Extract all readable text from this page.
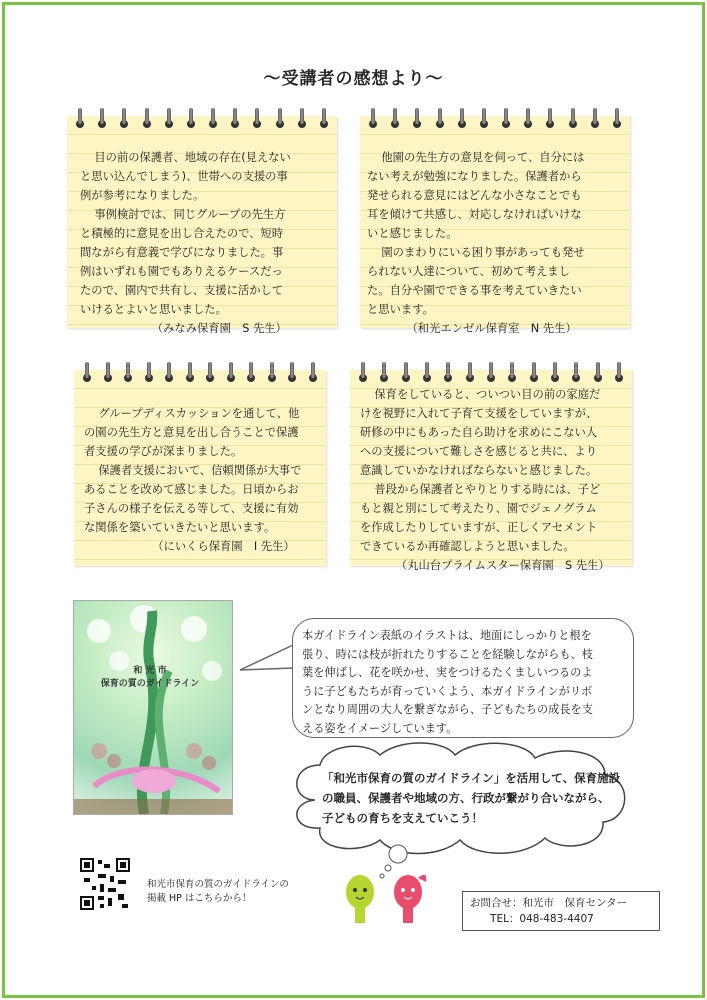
〜受講者の感想より〜
目の前の保護者、地域の存在(見えない
と思い込んでしまう)、世帯への支援の事
例が参考になりました。
事例検討では、同じグループの先生方
と積極的に意見を出し合えたので、短時
間ながら有意義で学びになりました。事
例はいずれも園でもありえるケースだっ
たので、園内で共有し、支援に活かして
いけるとよいと思いました。
（みなみ保育園　S 先生）
他園の先生方の意見を伺って、自分には
ない考えが勉強になりました。保護者から
発せられる意見にはどんな小さなことでも
耳を傾けて共感し、対応しなければいけな
いと感じました。
園のまわりにいる困り事があっても発せ
られない人達について、初めて考えまし
た。自分や園でできる事を考えていきたい
と思います。
（和光エンゼル保育室　N 先生）
グループディスカッションを通して、他
の園の先生方と意見を出し合うことで保護
者支援の学びが深まりました。
保護者支援において、信頼関係が大事で
あることを改めて感じました。日頃からお
子さんの様子を伝える等して、支援に有効
な関係を築いていきたいと思います。
（にいくら保育園　I 先生）
保育をしていると、ついつい目の前の家庭だ
けを視野に入れて子育て支援をしていますが、
研修の中にもあった自ら助けを求めにこない人
への支援について難しさを感じると共に、より
意識していかなければならないと感じました。
普段から保護者とやりとりする時には、子ど
もと親と別にして考えたり、園でジェノグラム
を作成したりしていますが、正しくアセメント
できているか再確認しようと思いました。
（丸山台プライムスター保育園　S 先生）
和 光 市
保育の質のガイドライン
本ガイドライン表紙のイラストは、地面にしっかりと根を
張り、時には枝が折れたりすることを経験しながらも、枝
葉を伸ばし、花を咲かせ、実をつけるたくましいつるのよ
うに子どもたちが育っていくよう、本ガイドラインがリボ
ンとなり周囲の大人を繋ぎながら、子どもたちの成長を支
える姿をイメージしています。
「和光市保育の質のガイドライン」を活用して、保育施設
の職員、保護者や地域の方、行政が繋がり合いながら、
子どもの育ちを支えていこう！
和光市保育の質のガイドラインの
掲載 HP はこちらから！	お問合せ：和光市　保育センター
TEL：048-483-4407
